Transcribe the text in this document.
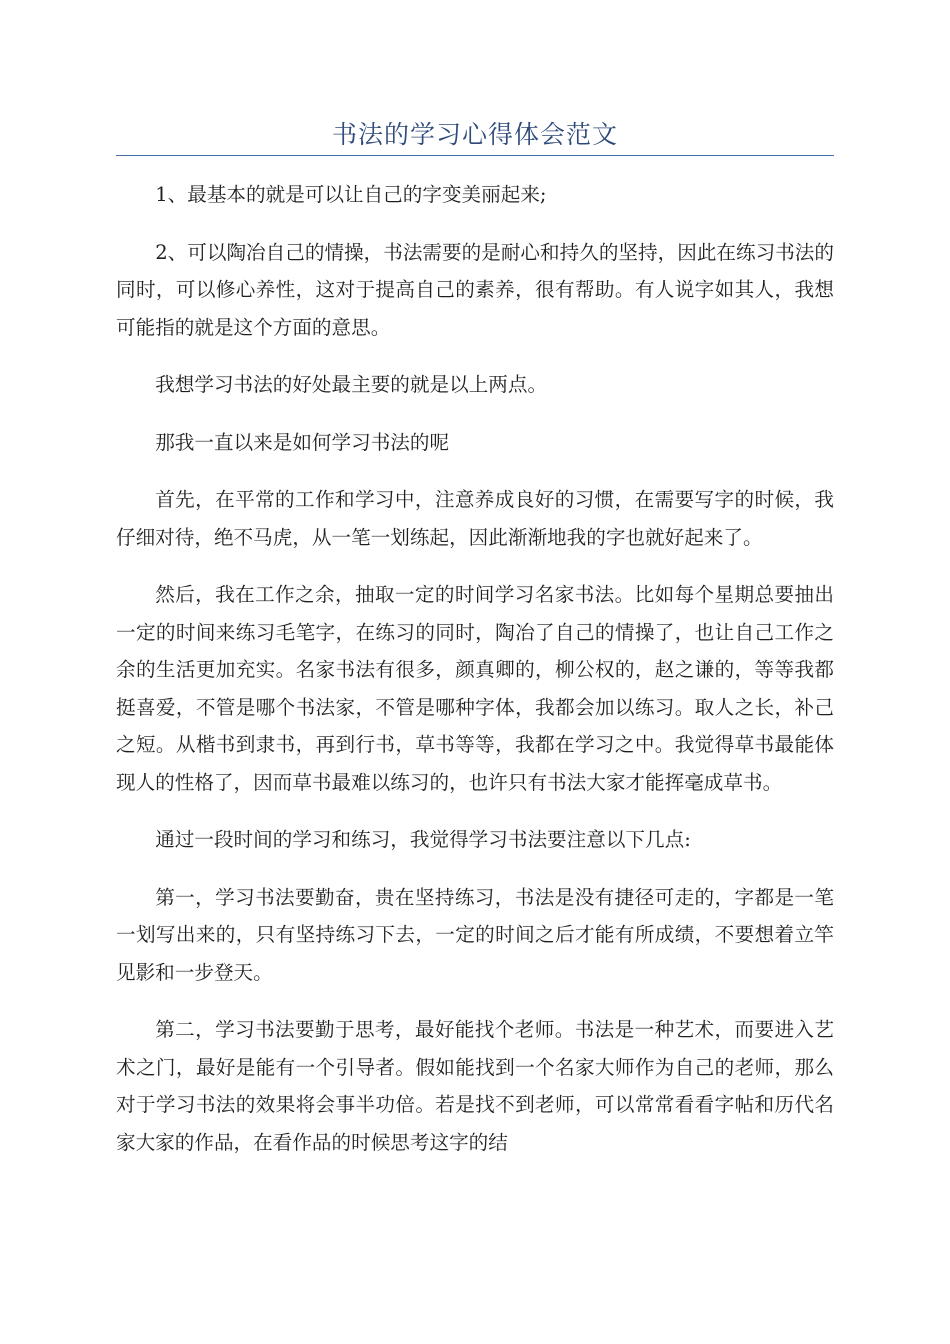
书法的学习心得体会范文

1、最基本的就是可以让自己的字变美丽起来;

2、可以陶冶自己的情操，书法需要的是耐心和持久的坚持，因此在练习书法的同时，可以修心养性，这对于提高自己的素养，很有帮助。有人说字如其人，我想可能指的就是这个方面的意思。

我想学习书法的好处最主要的就是以上两点。

那我一直以来是如何学习书法的呢

首先，在平常的工作和学习中，注意养成良好的习惯，在需要写字的时候，我仔细对待，绝不马虎，从一笔一划练起，因此渐渐地我的字也就好起来了。

然后，我在工作之余，抽取一定的时间学习名家书法。比如每个星期总要抽出一定的时间来练习毛笔字，在练习的同时，陶冶了自己的情操了，也让自己工作之余的生活更加充实。名家书法有很多，颜真卿的，柳公权的，赵之谦的，等等我都挺喜爱，不管是哪个书法家，不管是哪种字体，我都会加以练习。取人之长，补己之短。从楷书到隶书，再到行书，草书等等，我都在学习之中。我觉得草书最能体现人的性格了，因而草书最难以练习的，也许只有书法大家才能挥毫成草书。

通过一段时间的学习和练习，我觉得学习书法要注意以下几点:

第一，学习书法要勤奋，贵在坚持练习，书法是没有捷径可走的，字都是一笔一划写出来的，只有坚持练习下去，一定的时间之后才能有所成绩，不要想着立竿见影和一步登天。

第二，学习书法要勤于思考，最好能找个老师。书法是一种艺术，而要进入艺术之门，最好是能有一个引导者。假如能找到一个名家大师作为自己的老师，那么对于学习书法的效果将会事半功倍。若是找不到老师，可以常常看看字帖和历代名家大家的作品，在看作品的时候思考这字的结
